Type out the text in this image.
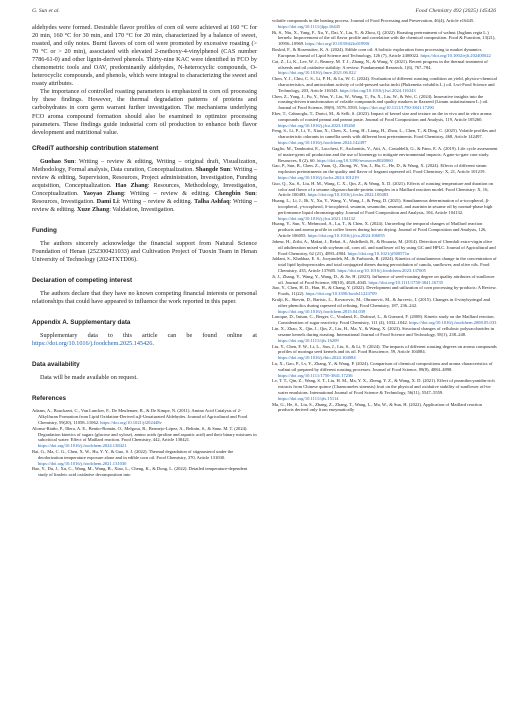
G. Sun et al.	Food Chemistry 492 (2025) 145426

aldehydes were formed. Desirable flavor profiles of corn oil were achieved at 160 °C for 20 min, 160 °C for 30 min, and 170 °C for 20 min, characterized by a balance of sweet, roasted, and oily notes. Burnt flavors of corn oil were promoted by excessive roasting (> 70 °C or > 20 min), associated with elevated 2-methoxy-4-vinylphenol (CAS number 7786-61-0) and other lignin-derived phenols. Thirty-nine KAC were identified in FCO by chemometric tools and OAV, predominantly aldehydes, N-heterocyclic compounds, O-heterocyclic compounds, and phenols, which were integral to characterizing the sweet and roasty attributes.

The importance of controlled roasting parameters is emphasized in corn oil processing by these findings. However, the thermal degradation patterns of proteins and carbohydrates in corn germ warrant further investigation. The mechanisms underlying FCO aroma compound formation should also be examined to optimize processing parameters. These findings guide industrial corn oil production to enhance both flavor development and nutritional value.

CRediT authorship contribution statement

Guohao Sun: Writing – review & editing, Writing – original draft, Visualization, Methodology, Formal analysis, Data curation, Conceptualization. Shangde Sun: Writing – review & editing, Supervision, Resources, Project administration, Investigation, Funding acquisition, Conceptualization. Hao Zhang: Resources, Methodology, Investigation, Conceptualization. Yaoyao Zhang: Writing – review & editing. Chengbin Sun: Resources, Investigation. Dami Li: Writing – review & editing. Talha Ashfaq: Writing – review & editing. Xuze Zhang: Validation, Investigation.

Funding

The authors sincerely acknowledge the financial support from Natural Science Foundation of Henan (252300421033) and Cultivation Project of Tuoxin Team in Henan University of Technology (2024TXTD06).

Declaration of competing interest

The authors declare that they have no known competing financial interests or personal relationships that could have appeared to influence the work reported in this paper.

Appendix A. Supplementary data

Supplementary data to this article can be found online at https://doi.org/10.1016/j.foodchem.2025.145426.

Data availability

Data will be made available on request.

References

Adams, A., Bouckaert, C., Van Lancker, F., De Meulenaer, B., & De Kimpe, N. (2011). Amino Acid Catalysis of 2-Alkylfuran Formation from Lipid Oxidation-Derived α,β-Unsaturated Aldehydes. Journal of Agricultural and Food Chemistry, 59(20), 11058–11062. https://doi.org/10.1021/jf202448v

Alonso-Riaño, P., Illera, A. E., Benito-Román, O., Melgosa, R., Bermejo-López, A., Beltrán, S., & Sanz, M. T. (2024). Degradation kinetics of sugars (glucose and xylose), amino acids (proline and aspartic acid) and their binary mixtures in subcritical water: Effect of Maillard reaction. Food Chemistry, 442, Article 138421. https://doi.org/10.1016/j.foodchem.2024.138421

Bai, G., Ma, C. G., Chen, X. W., Hu, Y. Y., & Guo, S. J. (2022). Thermal degradation of stigmasterol under the deodorization temperature exposure alone and in edible corn oil. Food Chemistry, 370, Article 131030. https://doi.org/10.1016/j.foodchem.2021.131030

Bao, Y., Du, J., Xu, C., Wang, M., Wang, B., Xiao, L., Cheng, K., & Dong, L. (2022). Detailed temperature-dependent study of linoleic acid oxidative decomposition into

volatile compounds in the heating process. Journal of Food Processing and Preservation, 46(4), Article e16445. https://doi.org/10.1111/jfpp.16445

Bi, S., Niu, X., Yang, F., Xu, Y., Dai, Y., Liu, Y., & Zhou, Q. (2022). Roasting pretreatment of walnut (Juglans regia L.) kernels: Improvement of the oil flavor profile and correlation with the chemical composition. Food & Function, 13(21), 10956–10969. https://doi.org/10.1039/d2fo01990f

Boskid, F., & Rosenstiter, K. A. (2024). Edible corn oil: A holistic exploration from processing to market dynamics. European Journal of Lipid Science and Technology, 126 (7), Article 2400022. https://doi.org/10.1002/ejlt.202400022

Cai, Z., Li, K., Lee, W. J., Reaney, M. T. J., Zhang, N., & Wang, Y. (2021). Recent progress in the thermal treatment of oilseeds and oil oxidative stability: A review. Fundamental Research, 1(6), 767–784. https://doi.org/10.1016/j.fmre.2021.06.022

Chen, Y. J., Chiu, C. S., Li, P. H., & Lu, W. C. (2024). Evaluation of different roasting condition on yield, physico-chemical characteristics, and antioxidant activity of cold-pressed sacha inchi (Plukenetia volubilis L.) oil. Lwt-Food Science and Technology, 203, Article 116343. https://doi.org/10.1016/j.lwt.2024.116343

Chen, Z., Yang, J., Fu, Y., Wan, Y., Liu, W., Wang, T., Fu, X., Liu, W., & Wei, C. (2024). Innovative insights into the roasting-driven transformation of volatile compounds and quality markers in flaxseed (Linum usitatissimum L.) oil. Journal of Food Science, 89(9), 5579–5593. https://doi.org/10.1111/1750-3841.17290

Eker, T., Cabaroglu, T., Darici, M., & Selli, S. (2023). Impact of kernel size and texture on the in vivo and in vitro aroma compounds of roasted peanut and peanut paste. Journal of Food Composition and Analysis, 119, Article 105260. https://doi.org/10.1016/j.jfca.2023.105260

Feng, S., Li, P., Li, Y., Xiao, X., Chen, X., Leng, H., Liang, H., Zhou, L., Chen, T., & Ding, C. (2025). Volatile profiles and characteristic odorants in camellia seeds with different heat pretreatments. Food Chemistry, 468, Article 142497. https://doi.org/10.1016/j.foodchem.2024.142497

Gaglio, M., Tamburini, E., Lucchesi, F., Aschonitis, V., Atti, A., Castaldelli, G., & Fano, E. A. (2019). Life cycle assessment of maize-germ oil production and the use of bioenergy to mitigate environmental impacts: A gate-to-gate case study. Resources, 8 (2), 60. https://doi.org/10.3390/resources8020060

Gao, P., Sun, B., Chen, Z., Yuan, Q., Zhong, W., Yin, J., Hu, C., He, D., & Wang, X. (2024). Effects of different steam explosion pretreatments on the quality and flavor of fragrant rapeseed oil. Food Chemistry: X, 21, Article 101219. https://doi.org/10.1016/j.fochx.2024.101219

Guo, Q., Xu, S., Liu, H. M., Wang, C. X., Qin, Z., & Wang, X. D. (2021). Effects of roasting temperature and duration on color and flavor of a sesame oligosaccharide-protein complex in a Maillard reaction model. Food Chemistry: X, 16, Article 100483. https://doi.org/10.1016/j.fochx.2022.100483

Huang, L., Li, J., Bi, Y., Xu, Y., Wang, Y., Wang, J., & Peng, D. (2021). Simultaneous determination of α-tocopherol, β-tocopherol, γ-tocopherol, δ-tocopherol, sesamin, sesamolin, sesamol, and asarinin in sesame oil by normal-phase high performance liquid chromatography. Journal of Food Composition and Analysis, 104, Article 104132. https://doi.org/10.1016/j.jfca.2021.104132

Huang, Y., Sun, Y., Mehmood, A., Lu, T., & Chen, X. (2024). Unraveling the temporal changes of Maillard reaction products and aroma profile in coffee leaves during hot-air drying. Journal of Food Composition and Analysis, 126, Article 106055. https://doi.org/10.1016/j.jfca.2024.106055

Jabeur, H., Zribi, A., Makni, J., Rebai, A., Abdelhedi, R., & Bouaziz, M. (2014). Detection of Chemlali extra-virgin olive oil adulteration mixed with soybean oil, corn oil, and sunflower oil by using GC and HPLC. Journal of Agricultural and Food Chemistry, 62 (21), 4893–4904. https://doi.org/10.1021/jf500571n

Jaldani, S., Khabbaz, E. S., Jooyandeh, M., & Farhoosh, R. (2024). Kinetics of simultaneous change in the concentration of total lipid hydroperoxides and total conjugated dienes during peroxidation of canola, sunflower, and olive oils. Food Chemistry, 435, Article 137605. https://doi.org/10.1016/j.foodchem.2023.137605

Ji, J., Zhang, Y., Wang, Y., Wang, D., & Jie, H. (2023). Influence of seed-roasting degree on quality attributes of sunflower oil. Journal of Food Science, 88(10), 4028–4045. https://doi.org/10.1111/1750-3841.16735

Jiao, Y., Chen, H. D., Han, H., & Chang, Y. (2022). Development and utilization of corn processing by-products: A Review. Foods, 11(22). https://doi.org/10.3390/foods11223709

Kralji, K., Skevin, D., Barisic, L., Kovacevic, M., Obranovic, M., & Jurcevic, I. (2015). Changes in 4-vinylsyringol and other phenolics during rapeseed oil refining. Food Chemistry, 187, 236–242. https://doi.org/10.1016/j.foodchem.2015.04.039

Laroque, D., Inisan, C., Berger, C., Vouland, E., Dufossé, L., & Guerard, F. (2008). Kinetic study on the Maillard reaction. Consideration of sugar reactivity. Food Chemistry, 111 (4), 1032–1042. https://doi.org/10.1016/j.foodchem.2008.05.033

Lin, X., Zhao, X., Qin, J., Qin, Z., Liu, H., Ma, Y., & Wang, X. (2023). Structural changes of cellulosic polysaccharides in sesame kernels during roasting. International Journal of Food Science and Technology, 58(1), 238–248. https://doi.org/10.1111/ijfs.16209

Liu, Y., Chen, F. W., Li, L., Sun, J., Liu, S., & Li, Y. (2024). The impacts of different roasting degrees on aroma compounds profiles of moringa seed kernels and its oil. Food Bioscience, 59, Article 104084. https://doi.org/10.1016/j.fbio.2024.104084

Lu, X., Gao, P., Lv, Y., Zhang, Y., & Wang, P. (2024). Comparison of chemical compositions and aroma characteristics of walnut oil prepared by different roasting processes. Journal of Food Science, 89(8), 4884–4898. https://doi.org/10.1111/1750-3841.17236

Lv, T. T., Qin, Z., Wang, S. T., Liu, H. M., Ma, Y. X., Zheng, Y. Z., & Wang, X. D. (2021). Effect of proanthocyanidin-rich extracts from Chinese quince (Chaenomeles sinensis) fruit on the physical and oxidative stability of sunflower oil-in-water emulsions. International Journal of Food Science & Technology, 56(11), 5547–5559. https://doi.org/10.1111/ijfs.15114

Ma, G., He, S., Liu, S., Zhang, Z., Zhang, T., Wang, L., Ma, W., & Sun, H. (2022). Application of Maillard reaction products derived only from enzymatically
